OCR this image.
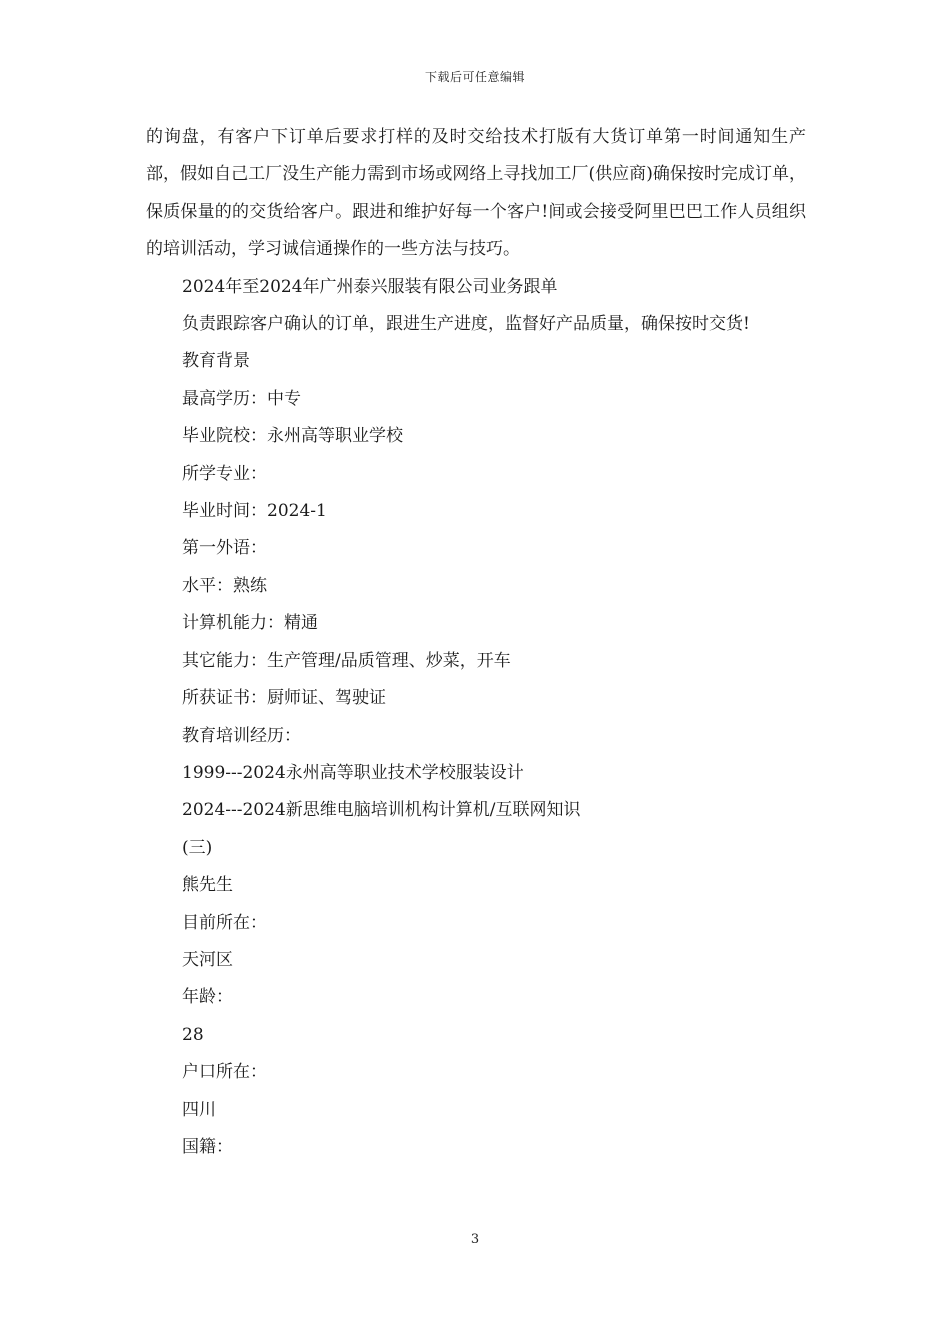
下载后可任意编辑

的询盘，有客户下订单后要求打样的及时交给技术打版有大货订单第一时间通知生产部，假如自己工厂没生产能力需到市场或网络上寻找加工厂(供应商)确保按时完成订单，保质保量的的交货给客户。跟进和维护好每一个客户!间或会接受阿里巴巴工作人员组织的培训活动，学习诚信通操作的一些方法与技巧。

2024年至2024年广州泰兴服装有限公司业务跟单

负责跟踪客户确认的订单，跟进生产进度，监督好产品质量，确保按时交货!

教育背景

最高学历：中专

毕业院校：永州高等职业学校

所学专业：

毕业时间：2024-1

第一外语：

水平：熟练

计算机能力：精通

其它能力：生产管理/品质管理、炒菜，开车

所获证书：厨师证、驾驶证

教育培训经历：

1999---2024永州高等职业技术学校服装设计

2024---2024新思维电脑培训机构计算机/互联网知识

(三)

熊先生

目前所在：

天河区

年龄：

28

户口所在：

四川

国籍：

3
